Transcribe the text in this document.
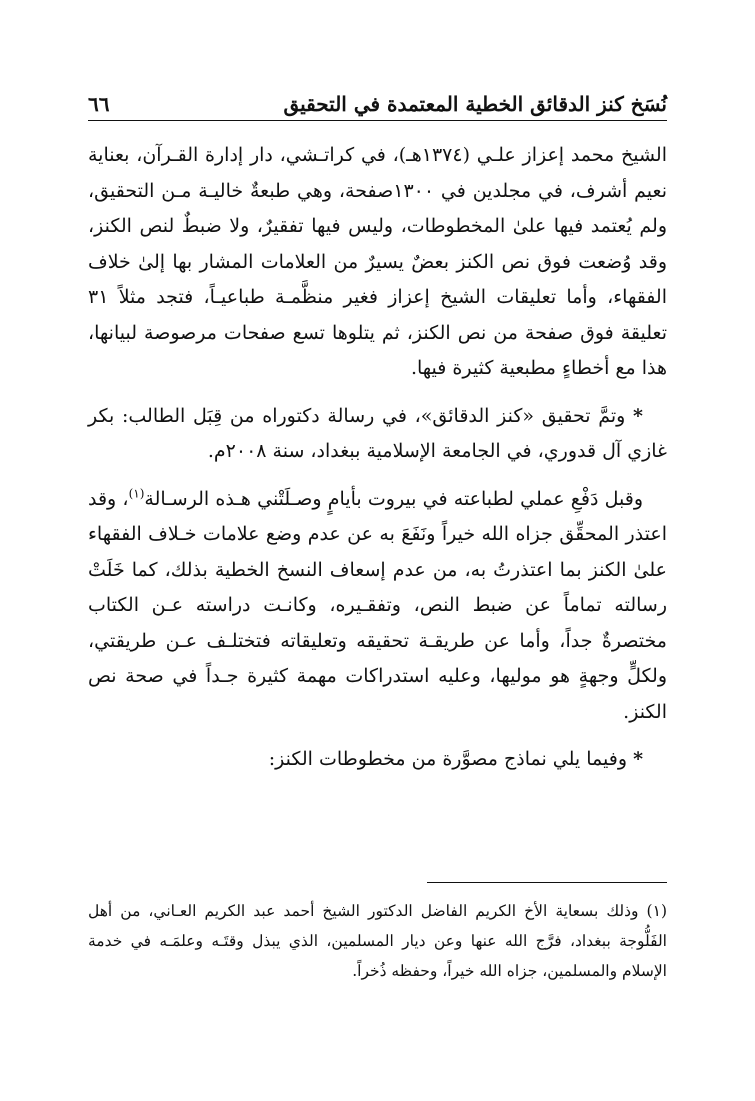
نُسَخ كنز الدقائق الخطية المعتمدة في التحقيق
٦٦

الشيخ محمد إعزاز علـي (١٣٧٤هـ)، في كراتـشي، دار إدارة القـرآن، بعناية نعيم أشرف، في مجلدين في ١٣٠٠صفحة، وهي طبعةٌ خاليـة مـن التحقيق، ولم يُعتمد فيها علىٰ المخطوطات، وليس فيها تفقيرٌ، ولا ضبطٌ لنص الكنز، وقد وُضعت فوق نص الكنز بعضٌ يسيرٌ من العلامات المشار بها إلىٰ خلاف الفقهاء، وأما تعليقات الشيخ إعزاز فغير منظَّمـة طباعيـاً، فتجد مثلاً ٣١ تعليقة فوق صفحة من نص الكنز، ثم يتلوها تسع صفحات مرصوصة لبيانها، هذا مع أخطاءٍ مطبعية كثيرة فيها.

* وتمَّ تحقيق «كنز الدقائق»، في رسالة دكتوراه من قِبَل الطالب: بكر غازي آل قدوري، في الجامعة الإسلامية ببغداد، سنة ٢٠٠٨م.

وقبل دَفْعِ عملي لطباعته في بيروت بأيامٍ وصـلَتْني هـذه الرسـالة$^{(١)}$، وقد اعتذر المحقِّق جزاه الله خيراً ونَفَعَ به عن عدم وضع علامات خـلاف الفقهاء علىٰ الكنز بما اعتذرتُ به، من عدم إسعاف النسخ الخطية بذلك، كما خَلَتْ رسالته تماماً عن ضبط النص، وتفقـيره، وكانـت دراسته عـن الكتاب مختصرةٌ جداً، وأما عن طريقـة تحقيقه وتعليقاته فتختلـف عـن طريقتي، ولكلٍّ وجهةٍ هو موليها، وعليه استدراكات مهمة كثيرة جـداً في صحة نص الكنز.

* وفيما يلي نماذج مصوَّرة من مخطوطات الكنز:

(١) وذلك بسعاية الأخ الكريم الفاضل الدكتور الشيخ أحمد عبد الكريم العـاني، من أهل الفَلُّوجة ببغداد، فرَّج الله عنها وعن ديار المسلمين، الذي يبذل وقتَـه وعلمَـه في خدمة الإسلام والمسلمين، جزاه الله خيراً، وحفظه ذُخراً.
